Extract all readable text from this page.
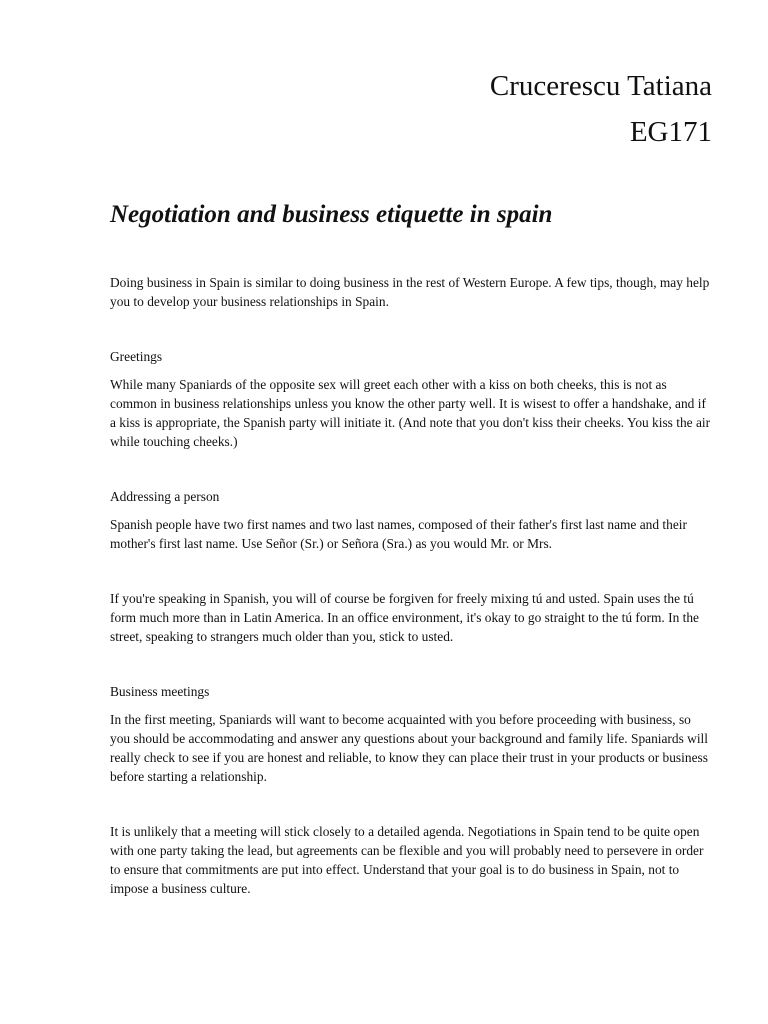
Crucerescu Tatiana
EG171
Negotiation and business etiquette in spain

Doing business in Spain is similar to doing business in the rest of Western Europe. A few tips, though, may help you to develop your business relationships in Spain.

Greetings

While many Spaniards of the opposite sex will greet each other with a kiss on both cheeks, this is not as common in business relationships unless you know the other party well. It is wisest to offer a handshake, and if a kiss is appropriate, the Spanish party will initiate it. (And note that you don't kiss their cheeks. You kiss the air while touching cheeks.)

Addressing a person

Spanish people have two first names and two last names, composed of their father's first last name and their mother's first last name. Use Señor (Sr.) or Señora (Sra.) as you would Mr. or Mrs.

If you're speaking in Spanish, you will of course be forgiven for freely mixing tú and usted. Spain uses the tú form much more than in Latin America. In an office environment, it's okay to go straight to the tú form. In the street, speaking to strangers much older than you, stick to usted.

Business meetings

In the first meeting, Spaniards will want to become acquainted with you before proceeding with business, so you should be accommodating and answer any questions about your background and family life. Spaniards will really check to see if you are honest and reliable, to know they can place their trust in your products or business before starting a relationship.

It is unlikely that a meeting will stick closely to a detailed agenda. Negotiations in Spain tend to be quite open with one party taking the lead, but agreements can be flexible and you will probably need to persevere in order to ensure that commitments are put into effect. Understand that your goal is to do business in Spain, not to impose a business culture.
